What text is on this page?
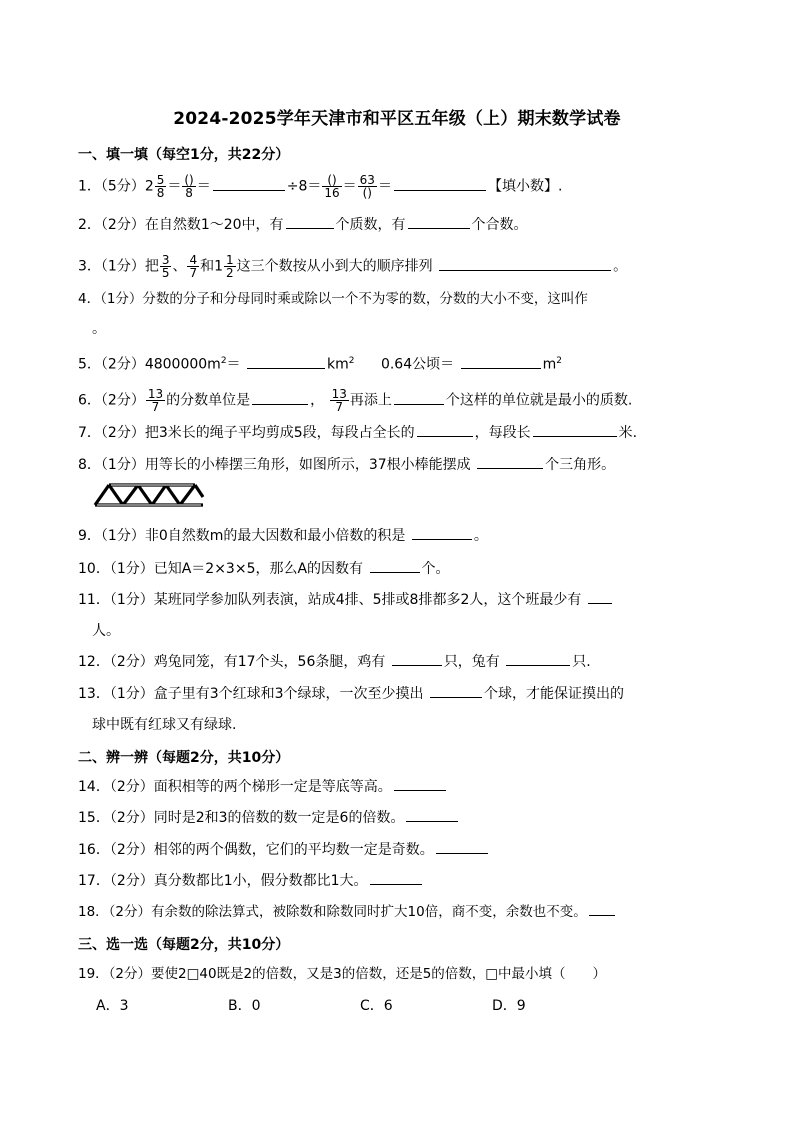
2024-2025学年天津市和平区五年级（上）期末数学试卷
一、填一填（每空1分，共22分）
1．（5分）$2 \frac{5}{8} = \frac{()}{8}$ ＝	$\div 8= \frac{()}{16} = \frac{63}{()}$ ＝	【填小数】.
2．（2分）在自然数1～20中，有	个质数，有	个合数。
3．（1分）把 $\frac{3}{5}$ 、 $\frac{4}{7}$ 和$1 \frac{1}{2}$ 这三个数按从小到大的顺序排列	。
4．（1分）分数的分子和分母同时乘或除以一个不为零的数，分数的大小不变，这叫作
。
5．（2分）$4800000m^2=$	$km^2$ 0.64公顷＝	$m^2$
6．（2分） $\frac{13}{7}$ 的分数单位是	， $\frac{13}{7}$ 再添上	个这样的单位就是最小的质数.
7．（2分）把3米长的绳子平均剪成5段，每段占全长的	，每段长	米.
8．（1分）用等长的小棒摆三角形，如图所示，37根小棒能摆成	个三角形。
9．（1分）非0自然数m的最大因数和最小倍数的积是	。
10．（1分）已知A＝2×3×5，那么A的因数有	个。
11．（1分）某班同学参加队列表演，站成4排、5排或8排都多2人，这个班最少有
人。
12．（2分）鸡兔同笼，有17个头，56条腿，鸡有	只，兔有	只.
13．（1分）盒子里有3个红球和3个绿球，一次至少摸出	个球，才能保证摸出的
球中既有红球又有绿球.
二、辨一辨（每题2分，共10分）
14．（2分）面积相等的两个梯形一定是等底等高。
15．（2分）同时是2和3的倍数的数一定是6的倍数。
16．（2分）相邻的两个偶数，它们的平均数一定是奇数。
17．（2分）真分数都比1小，假分数都比1大。
18．（2分）有余数的除法算式，被除数和除数同时扩大10倍，商不变，余数也不变。
三、选一选（每题2分，共10分）
19．（2分）要使2□40既是2的倍数，又是3的倍数，还是5的倍数，□中最小填（　　）
A．3	B．0	C．6	D．9
